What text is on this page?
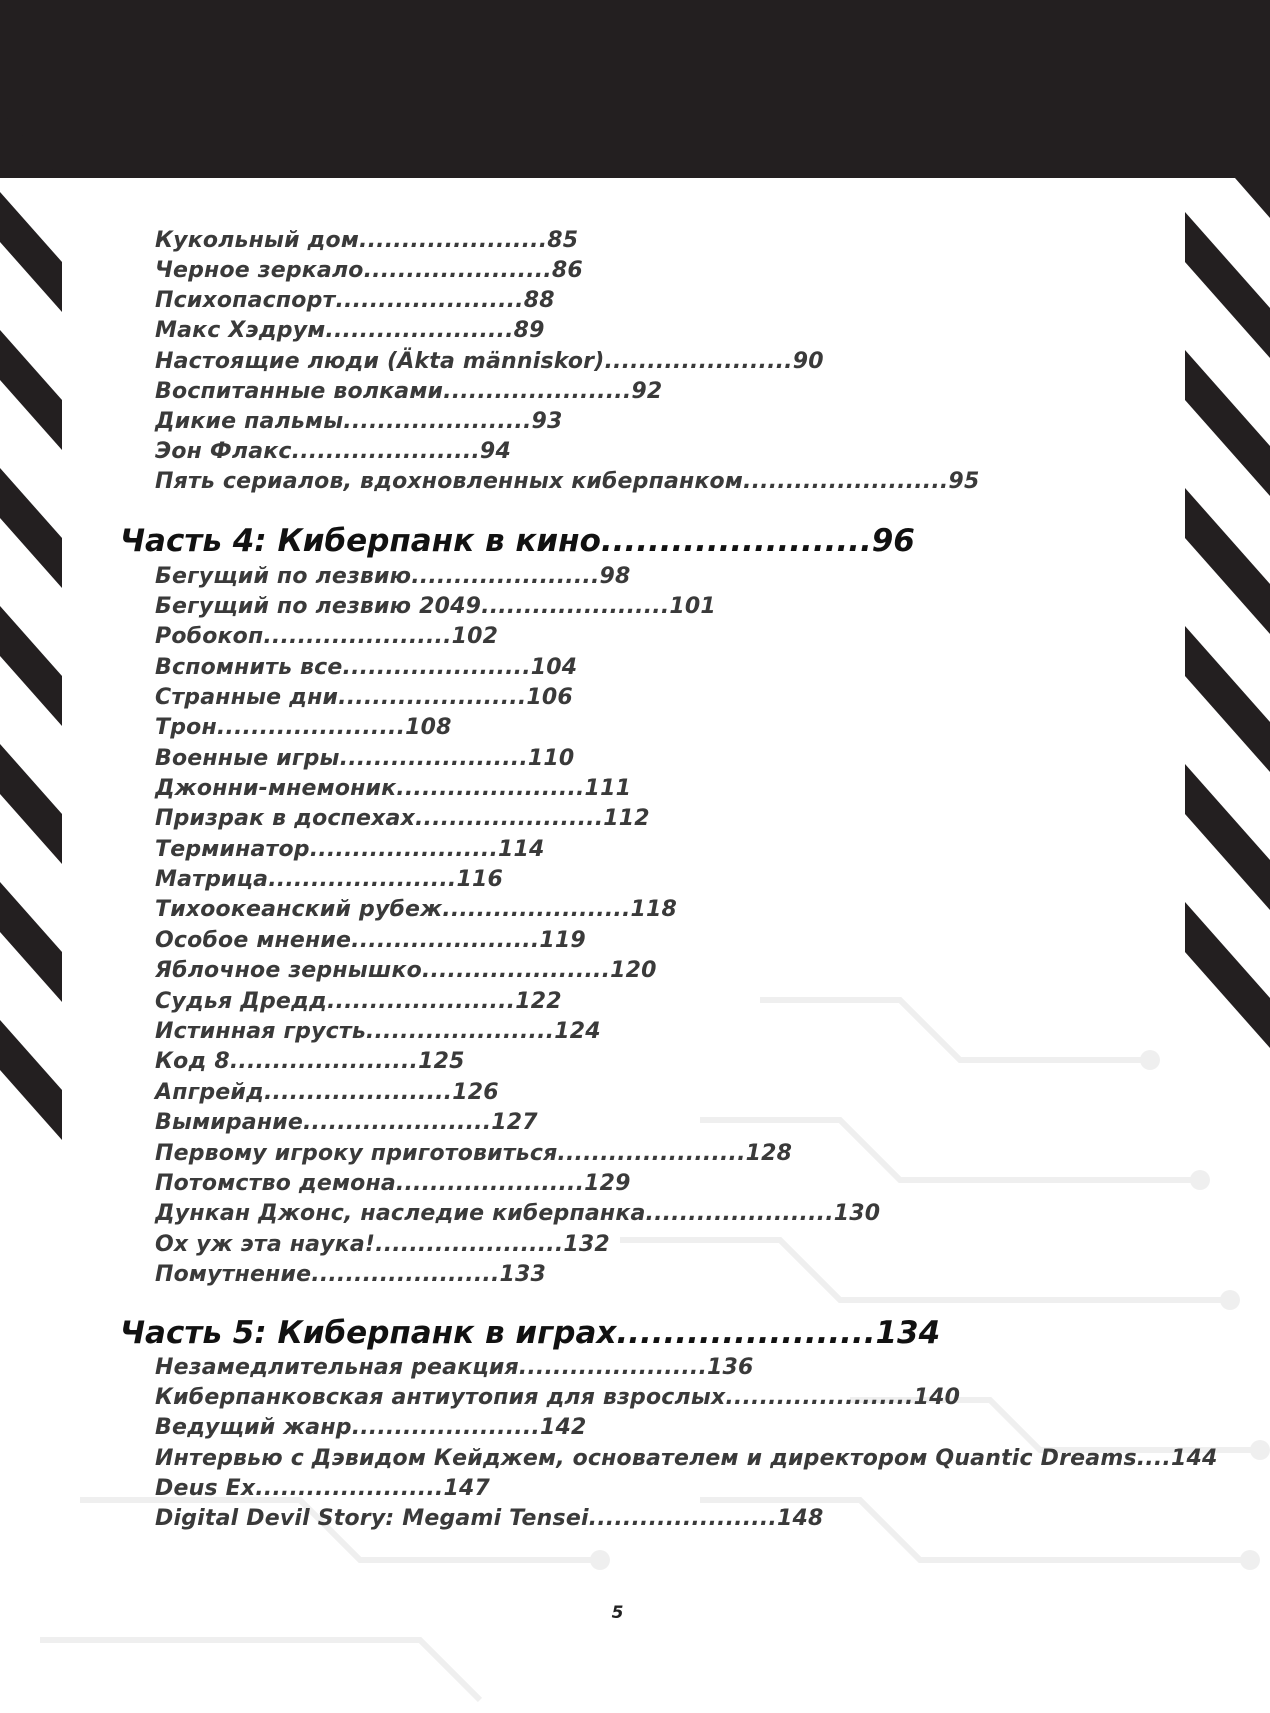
Кукольный дом......................85
Черное зеркало......................86
Психопаспорт......................88
Макс Хэдрум......................89
Настоящие люди (Äkta människor)......................90
Воспитанные волками......................92
Дикие пальмы......................93
Эон Флакс......................94
Пять сериалов, вдохновленных киберпанком........................95
Часть 4: Киберпанк в кино.......................96
Бегущий по лезвию......................98
Бегущий по лезвию 2049......................101
Робокоп......................102
Вспомнить все......................104
Странные дни......................106
Трон......................108
Военные игры......................110
Джонни-мнемоник......................111
Призрак в доспехах......................112
Терминатор......................114
Матрица......................116
Тихоокеанский рубеж......................118
Особое мнение......................119
Яблочное зернышко......................120
Судья Дредд......................122
Истинная грусть......................124
Код 8......................125
Апгрейд......................126
Вымирание......................127
Первому игроку приготовиться......................128
Потомство демона......................129
Дункан Джонс, наследие киберпанка......................130
Ох уж эта наука!......................132
Помутнение......................133
Часть 5: Киберпанк в играх......................134
Незамедлительная реакция......................136
Киберпанковская антиутопия для взрослых......................140
Ведущий жанр......................142
Интервью с Дэвидом Кейджем, основателем и директором Quantic Dreams....144
Deus Ex......................147
Digital Devil Story: Megami Tensei......................148
5
